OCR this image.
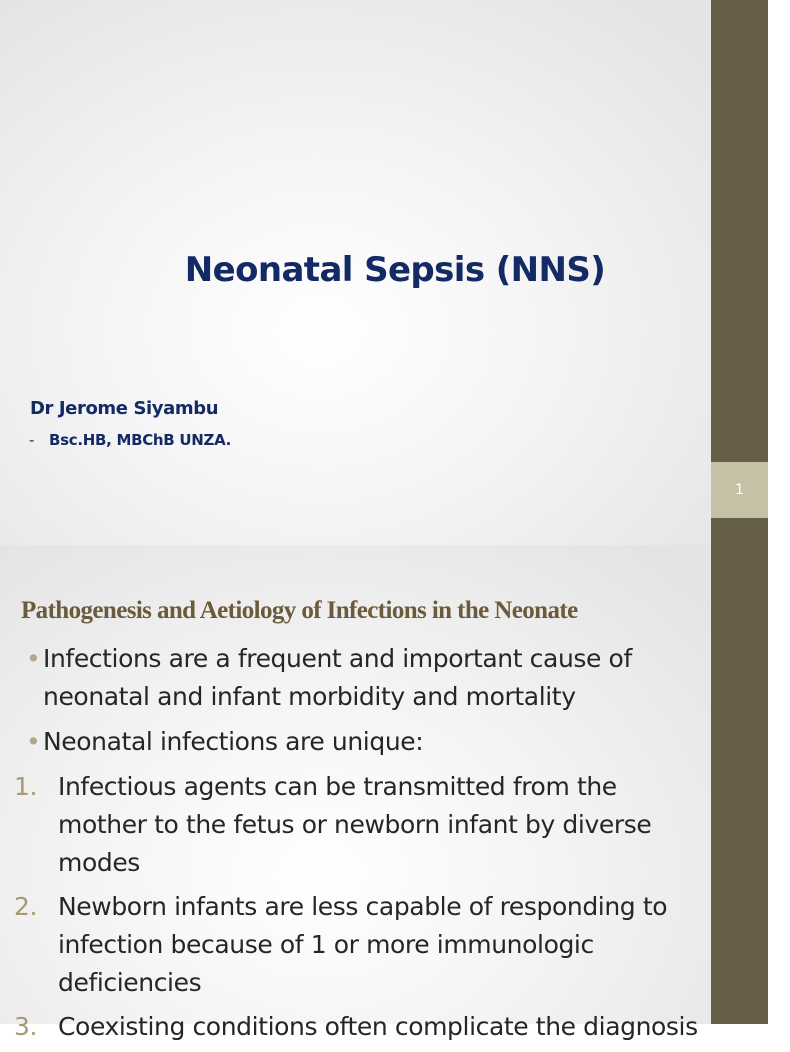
Neonatal Sepsis (NNS)
Dr Jerome Siyambu
- Bsc.HB, MBChB UNZA.
1
Pathogenesis and Aetiology of Infections in the Neonate
• Infections are a frequent and important cause of neonatal and infant morbidity and mortality
• Neonatal infections are unique:
1. Infectious agents can be transmitted from the mother to the fetus or newborn infant by diverse modes
2. Newborn infants are less capable of responding to infection because of 1 or more immunologic deficiencies
3. Coexisting conditions often complicate the diagnosis
